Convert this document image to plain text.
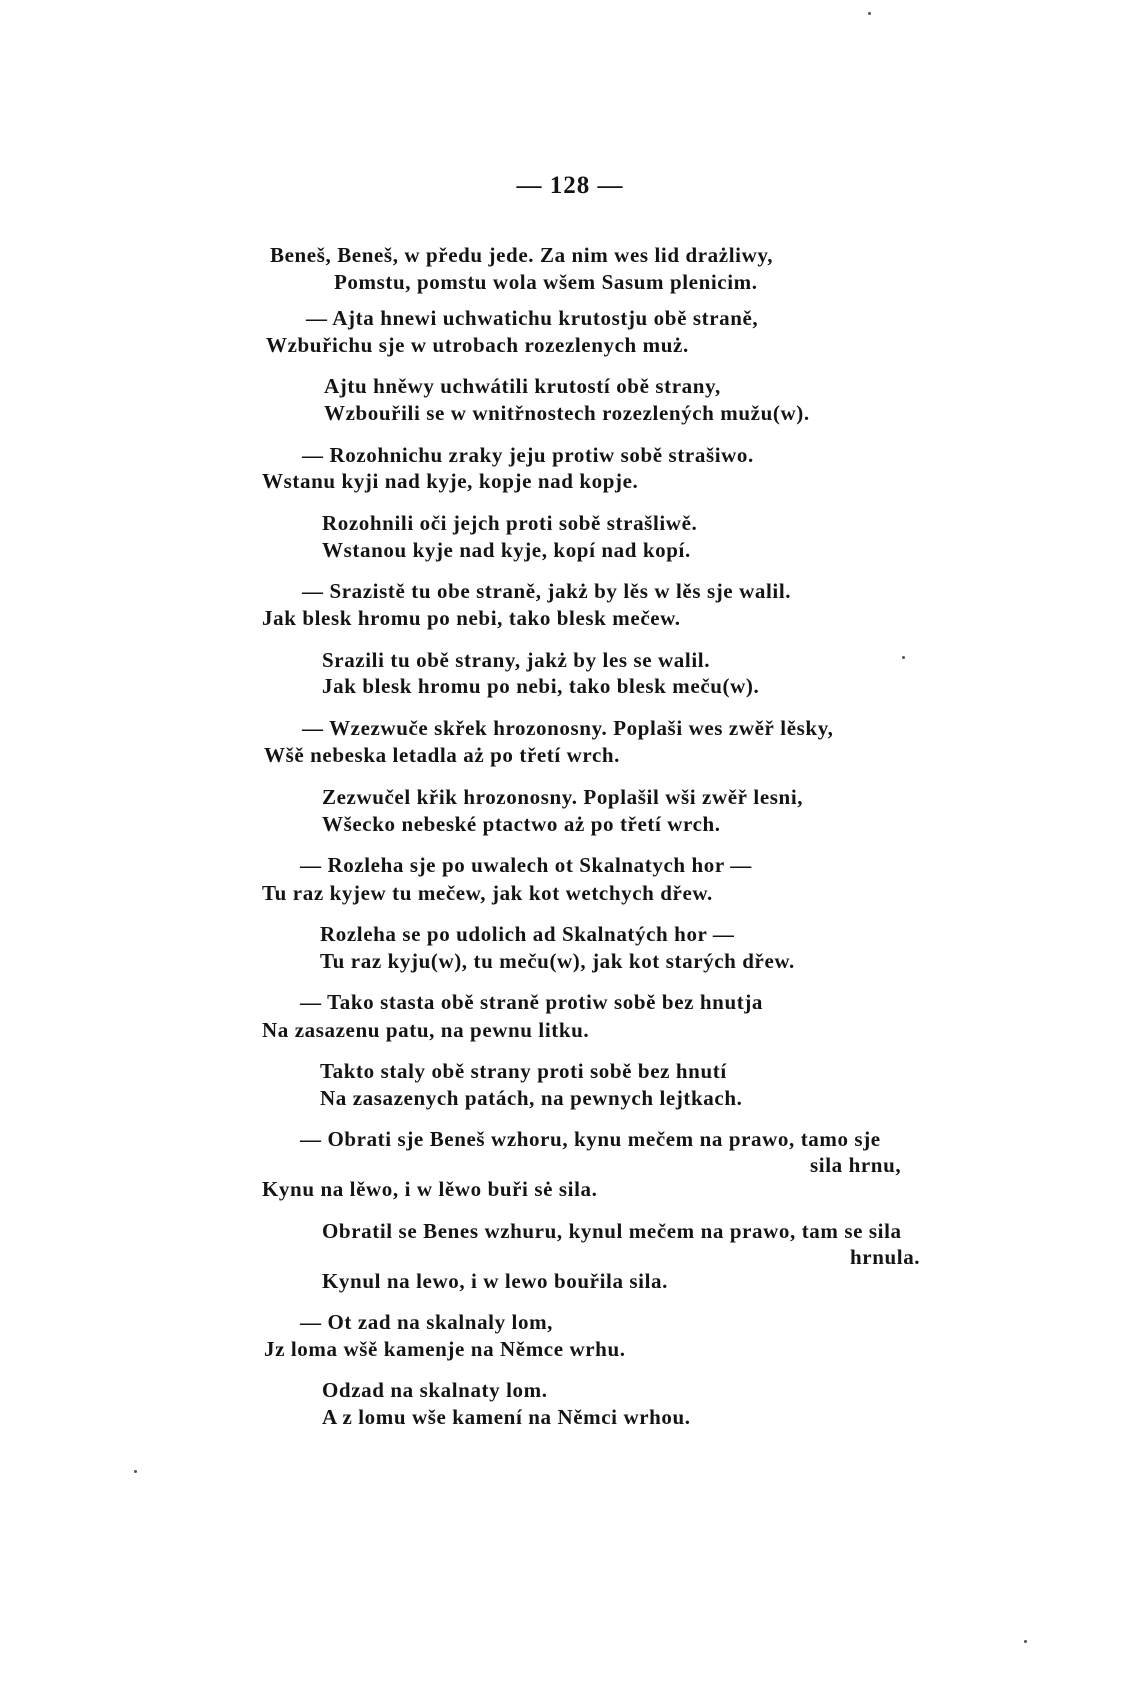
— 128 —
Beneš, Beneš, w předu jede. Za nim wes lid drażliwy,
Pomstu, pomstu wola wšem Sasum plenicim.
— Ajta hnewi uchwatichu krutostju obě straně,
Wzbuřichu sje w utrobach rozezlenych muż.
Ajtu hněwy uchwátili krutostí obě strany,
Wzbouřili se w wnitřnostech rozezlených mužu(w).
— Rozohnichu zraky jeju protiw sobě strašiwo.
Wstanu kyji nad kyje, kopje nad kopje.
Rozohnili oči jejch proti sobě strašliwě.
Wstanou kyje nad kyje, kopí nad kopí.
— Srazistě tu obe straně, jakż by lěs w lěs sje walil.
Jak blesk hromu po nebi, tako blesk mečew.
Srazili tu obě strany, jakż by les se walil.
Jak blesk hromu po nebi, tako blesk meču(w).
— Wzezwuče skřek hrozonosny. Poplaši wes zwěř lěsky,
Wšě nebeska letadla aż po třetí wrch.
Zezwučel křik hrozonosny. Poplašil wši zwěř lesni,
Wšecko nebeské ptactwo aż po třetí wrch.
— Rozleha sje po uwalech ot Skalnatych hor —
Tu raz kyjew tu mečew, jak kot wetchych dřew.
Rozleha se po udolich ad Skalnatých hor —
Tu raz kyju(w), tu meču(w), jak kot starých dřew.
— Tako stasta obě straně protiw sobě bez hnutja
Na zasazenu patu, na pewnu litku.
Takto staly obě strany proti sobě bez hnutí
Na zasazenych patách, na pewnych lejtkach.
— Obrati sje Beneš wzhoru, kynu mečem na prawo, tamo sje
sila hrnu,
Kynu na lěwo, i w lěwo buři sė sila.
Obratil se Benes wzhuru, kynul mečem na prawo, tam se sila
hrnula.
Kynul na lewo, i w lewo bouřila sila.
— Ot zad na skalnaly lom,
Jz loma wšě kamenje na Němce wrhu.
Odzad na skalnaty lom.
A z lomu wše kamení na Němci wrhou.
